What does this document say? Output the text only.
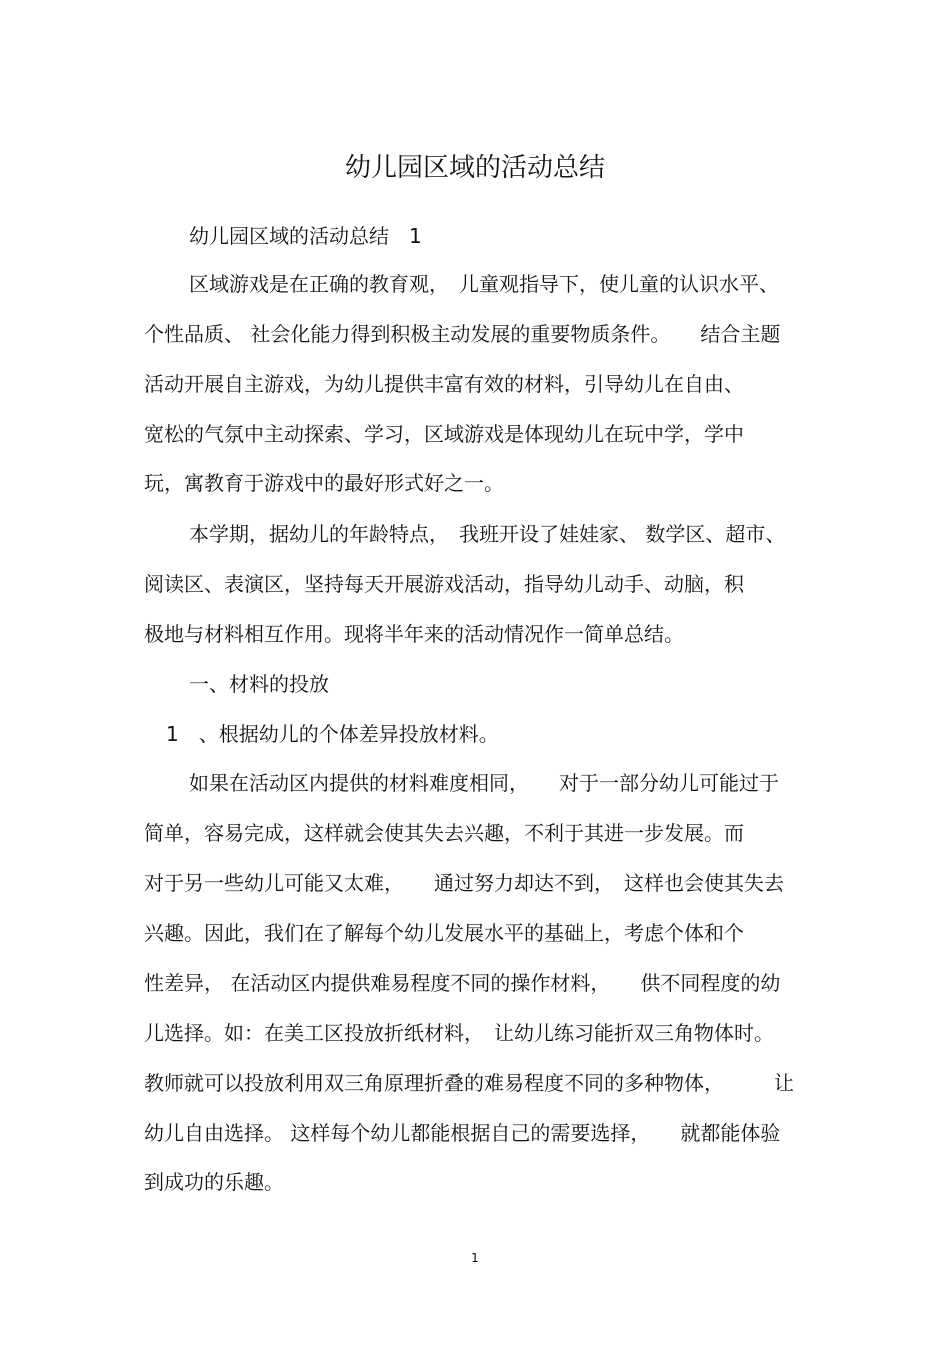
幼儿园区域的活动总结

幼儿园区域的活动总结　1

区域游戏是在正确的教育观，　儿童观指导下，使儿童的认识水平、

个性品质、 社会化能力得到积极主动发展的重要物质条件。　　结合主题

活动开展自主游戏，为幼儿提供丰富有效的材料，引导幼儿在自由、

宽松的气氛中主动探索、学习，区域游戏是体现幼儿在玩中学，学中

玩，寓教育于游戏中的最好形式好之一。

本学期，据幼儿的年龄特点，　我班开设了娃娃家、 数学区、超市、

阅读区、表演区，坚持每天开展游戏活动，指导幼儿动手、动脑，积

极地与材料相互作用。现将半年来的活动情况作一简单总结。

一、材料的投放

1　、根据幼儿的个体差异投放材料。

如果在活动区内提供的材料难度相同，　　对于一部分幼儿可能过于

简单，容易完成，这样就会使其失去兴趣，不利于其进一步发展。而

对于另一些幼儿可能又太难，　　通过努力却达不到，　这样也会使其失去

兴趣。因此，我们在了解每个幼儿发展水平的基础上，考虑个体和个

性差异， 在活动区内提供难易程度不同的操作材料，　　供不同程度的幼

儿选择。如：在美工区投放折纸材料，　让幼儿练习能折双三角物体时。

教师就可以投放利用双三角原理折叠的难易程度不同的多种物体，　　　让

幼儿自由选择。 这样每个幼儿都能根据自己的需要选择，　　就都能体验

到成功的乐趣。

1
